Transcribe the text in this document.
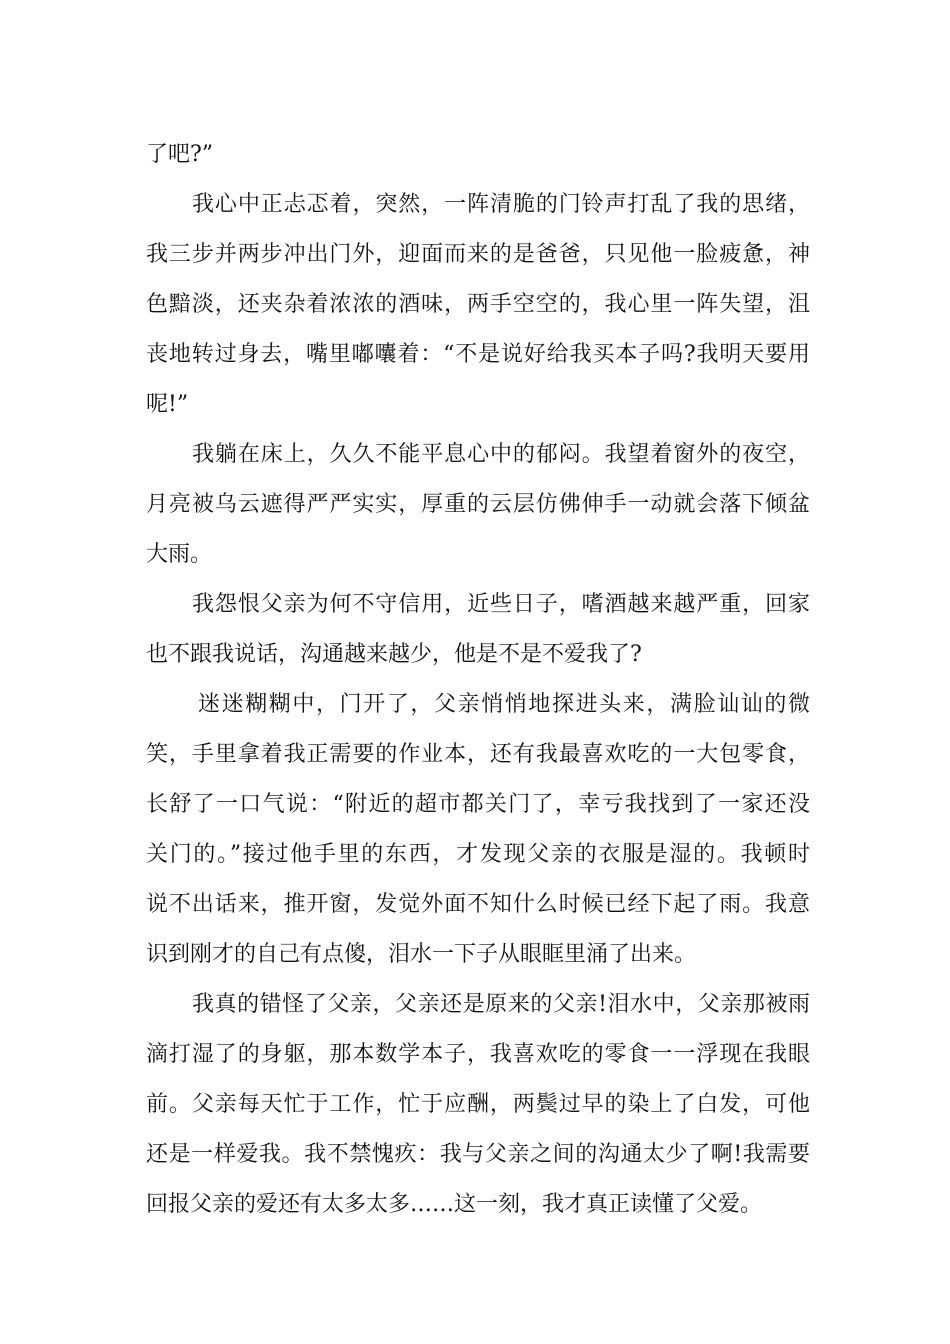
了吧?”
我心中正忐忑着，突然，一阵清脆的门铃声打乱了我的思绪，
我三步并两步冲出门外，迎面而来的是爸爸，只见他一脸疲惫，神
色黯淡，还夹杂着浓浓的酒味，两手空空的，我心里一阵失望，沮
丧地转过身去，嘴里嘟囔着：“不是说好给我买本子吗?我明天要用
呢!”
我躺在床上，久久不能平息心中的郁闷。我望着窗外的夜空，
月亮被乌云遮得严严实实，厚重的云层仿佛伸手一动就会落下倾盆
大雨。
我怨恨父亲为何不守信用，近些日子，嗜酒越来越严重，回家
也不跟我说话，沟通越来越少，他是不是不爱我了?
迷迷糊糊中，门开了，父亲悄悄地探进头来，满脸讪讪的微
笑，手里拿着我正需要的作业本，还有我最喜欢吃的一大包零食，
长舒了一口气说：“附近的超市都关门了，幸亏我找到了一家还没
关门的。”接过他手里的东西，才发现父亲的衣服是湿的。我顿时
说不出话来，推开窗，发觉外面不知什么时候已经下起了雨。我意
识到刚才的自己有点傻，泪水一下子从眼眶里涌了出来。
我真的错怪了父亲，父亲还是原来的父亲!泪水中，父亲那被雨
滴打湿了的身躯，那本数学本子，我喜欢吃的零食一一浮现在我眼
前。父亲每天忙于工作，忙于应酬，两鬓过早的染上了白发，可他
还是一样爱我。我不禁愧疚：我与父亲之间的沟通太少了啊!我需要
回报父亲的爱还有太多太多……这一刻，我才真正读懂了父爱。
